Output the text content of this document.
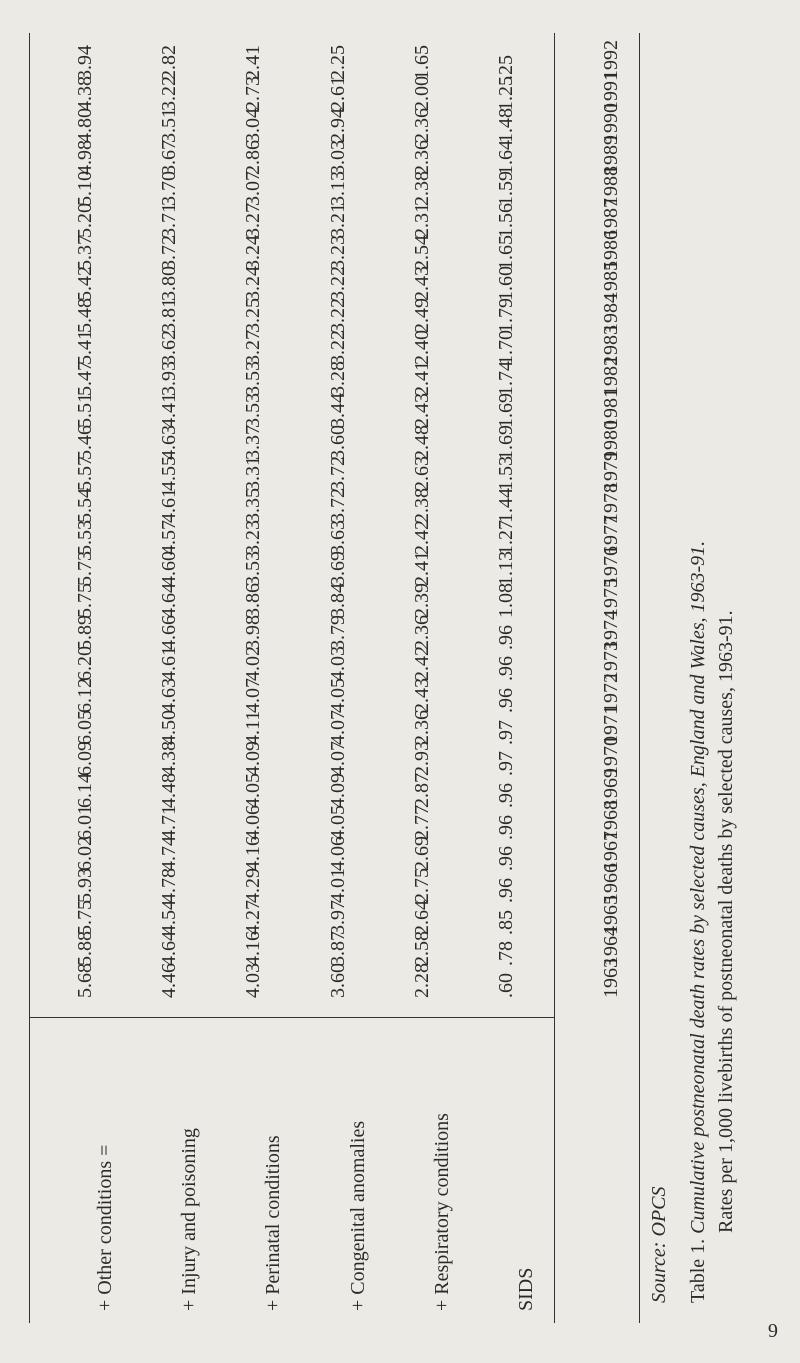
6
Table 1. Cumulative postneonatal death rates by selected causes, England and Wales, 1963-91. Rates per 1,000 livebirths of postneonatal deaths by selected causes, 1963-91.
Source: OPCS
SIDS
+ Respiratory conditions
+ Congenital anomalies
+ Perinatal conditions
+ Injury and poisoning
+ Other conditions =
1963
.60
2.28
3.60
4.03
4.46
5.68
1964
.78
2.58
3.87
4.16
4.64
5.88
1965
.85
2.64
3.97
4.27
4.54
5.75
1966
.96
2.75
4.01
4.29
4.78
5.93
1967
.96
2.69
4.06
4.16
4.74
6.02
1968
.96
2.77
4.05
4.06
4.71
6.01
1969
.96
2.87
4.09
4.05
4.48
6.14
1970
.97
2.93
4.07
4.09
4.38
6.09
1971
.97
2.36
4.07
4.11
4.50
6.05
1972
.96
2.43
4.05
4.07
4.63
6.12
1973
.96
2.42
4.03
4.02
4.61
6.20
1974
.96
2.36
3.79
3.98
4.66
5.89
1975
1.08
2.39
3.84
3.86
4.64
5.75
1976
1.13
2.41
3.69
3.53
4.60
5.73
1977
1.27
2.42
3.63
3.23
4.57
5.53
1978
1.44
2.38
3.72
3.35
4.61
5.54
1979
1.53
2.63
3.72
3.31
4.55
5.57
1980
1.69
2.48
3.60
3.37
4.63
5.46
1981
1.69
2.43
3.44
3.53
4.41
5.51
1982
1.74
2.41
3.28
3.53
3.93
5.47
1983
1.70
2.40
3.22
3.27
3.62
5.41
1984
1.79
2.49
3.22
3.25
3.81
5.48
1985
1.60
2.43
3.22
3.24
3.80
5.42
1986
1.65
2.54
3.23
3.24
3.72
5.37
1987
1.56
2.31
3.21
3.27
3.71
5.20
1988
1.59
2.38
3.13
3.07
3.70
5.10
1989
1.64
2.36
3.03
2.86
3.67
4.98
1990
1.48
2.36
2.94
3.04
3.51
4.80
1991
1.25
2.00
2.61
2.73
3.22
4.38
1992
.25
1.65
2.25
2.41
2.82
3.94
